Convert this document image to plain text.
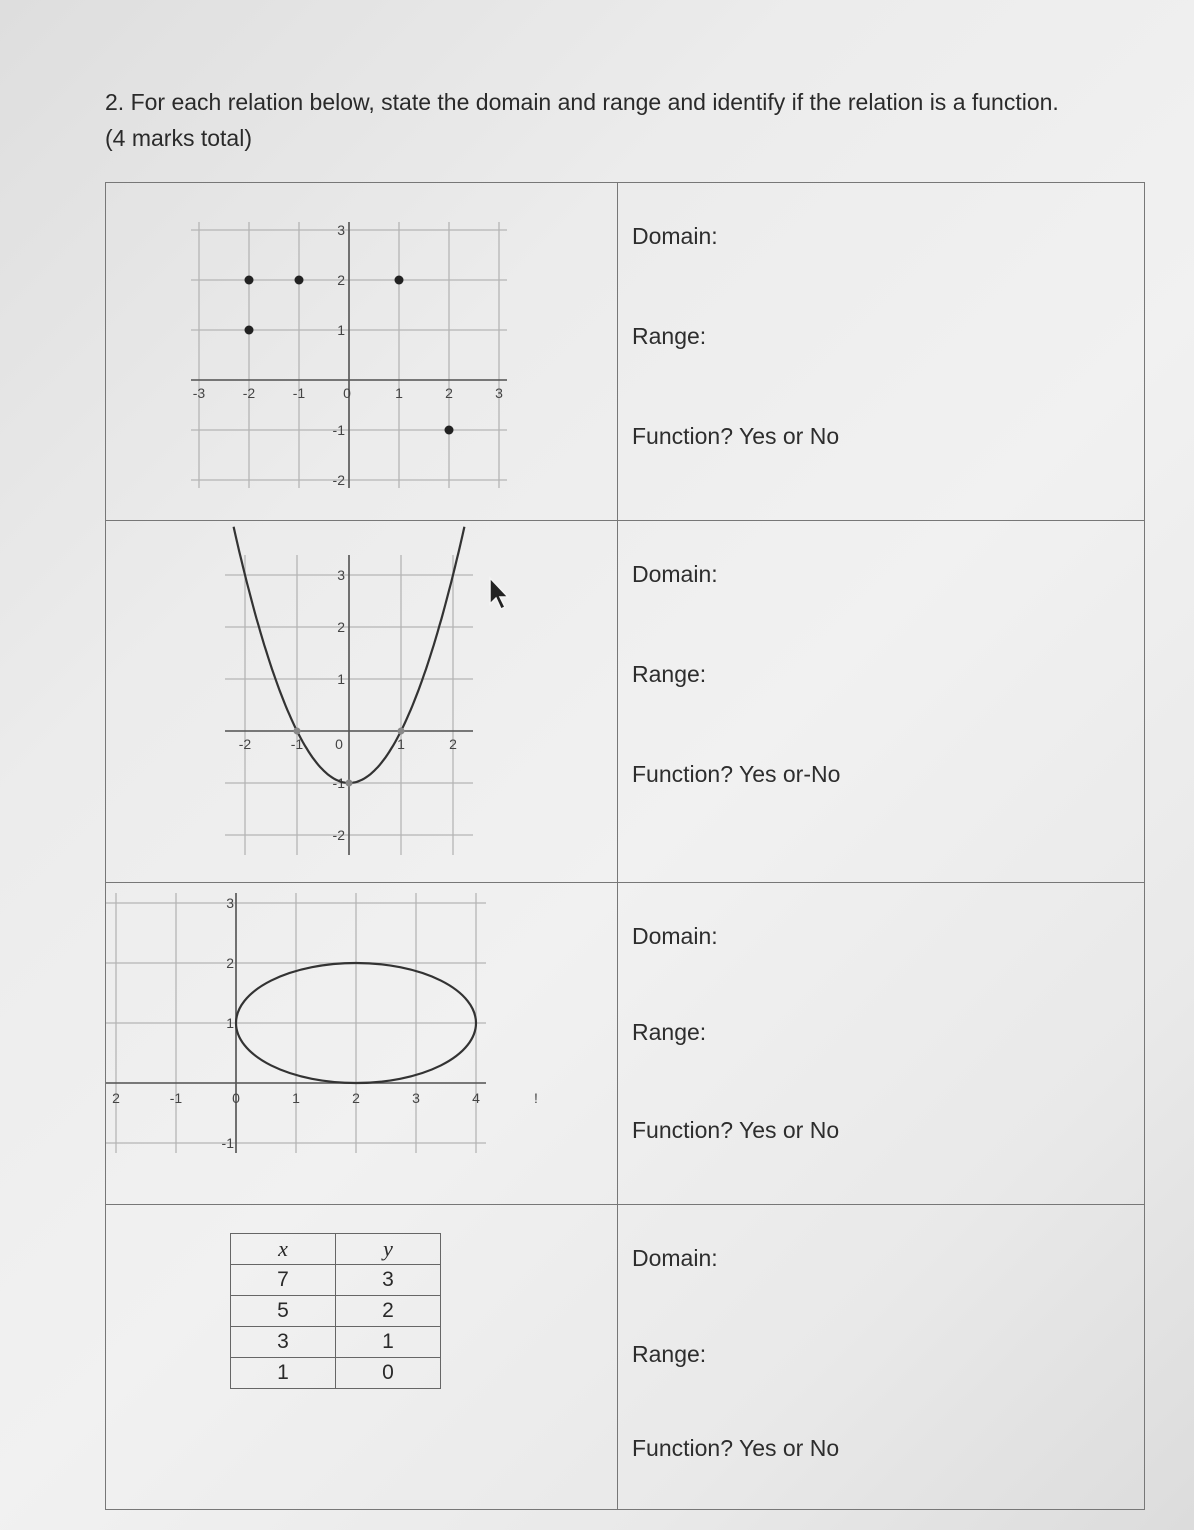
2. For each relation below, state the domain and range and identify if the relation is a function.
(4 marks total)
-3	-2	-1	0	1	2	3
3
2
1
-1
-2
Domain:
Range:
Function? Yes or No
-2	-1 0	1	2
3
2
1
-1
-2
Domain:
Range:
Function? Yes or-No
2	-1	0	1	2	3	4	!
3
2
1
-1
Domain:
Range:
Function? Yes or No
x	y
7	3
5	2
3	1
1	0
Domain:
Range:
Function? Yes or No
